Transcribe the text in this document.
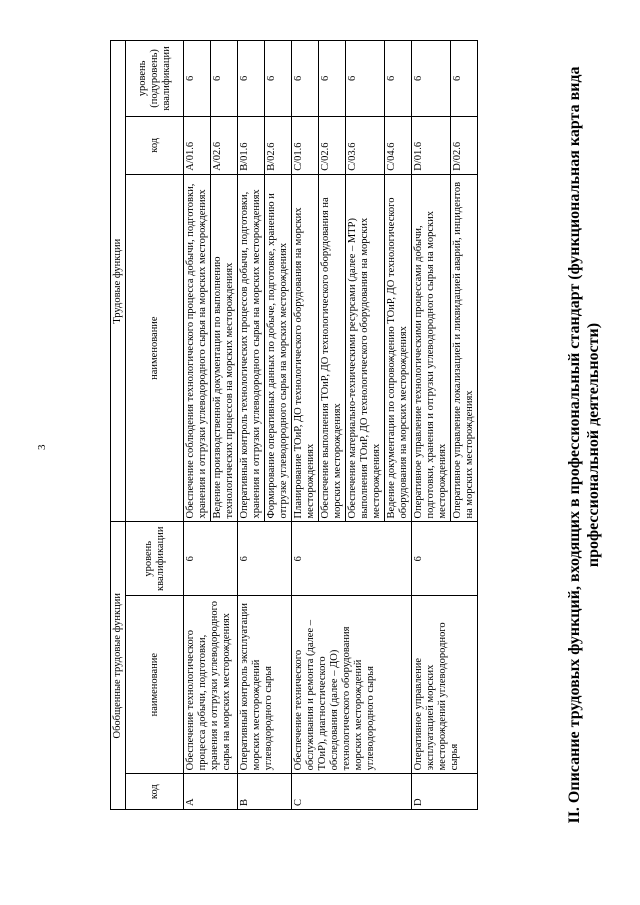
3	II. Описание трудовых функций, входящих в профессиональный стандарт (функциональная карта вида профессиональной деятельности)
Обобщенные трудовые функции			Трудовые функции		
код	наименование	уровень квалификации	наименование	код	уровень (подуровень) квалификации
A	Обеспечение технологического процесса добычи, подготовки, хранения и отгрузки углеводородного сырья на морских месторождениях	6	Обеспечение соблюдения технологического процесса добычи, подготовки, хранения и отгрузки углеводородного сырья на морских месторождениях	A/01.6	6
			Ведение производственной документации по выполнению технологических процессов на морских месторождениях	A/02.6	6
B	Оперативный контроль эксплуатации морских месторождений углеводородного сырья	6	Оперативный контроль технологических процессов добычи, подготовки, хранения и отгрузки углеводородного сырья на морских месторождениях	B/01.6	6
			Формирование оперативных данных по добыче, подготовке, хранению и отгрузке углеводородного сырья на морских месторождениях	B/02.6	6
C	Обеспечение технического обслуживания и ремонта (далее – ТОиР), диагностического обследования (далее – ДО) технологического оборудования морских месторождений углеводородного сырья	6	Планирование ТОиР, ДО технологического оборудования на морских месторождениях	C/01.6	6
			Обеспечение выполнения ТОиР, ДО технологического оборудования на морских месторождениях	C/02.6	6
			Обеспечение материально-техническими ресурсами (далее – МТР) выполнения ТОиР, ДО технологического оборудования на морских месторождениях	C/03.6	6
			Ведение документации по сопровождению ТОиР, ДО технологического оборудования на морских месторождениях	C/04.6	6
D	Оперативное управление эксплуатацией морских месторождений углеводородного сырья	6	Оперативное управление технологическими процессами добычи, подготовки, хранения и отгрузки углеводородного сырья на морских месторождениях	D/01.6	6
			Оперативное управление локализацией и ликвидацией аварий, инцидентов на морских месторождениях	D/02.6	6
